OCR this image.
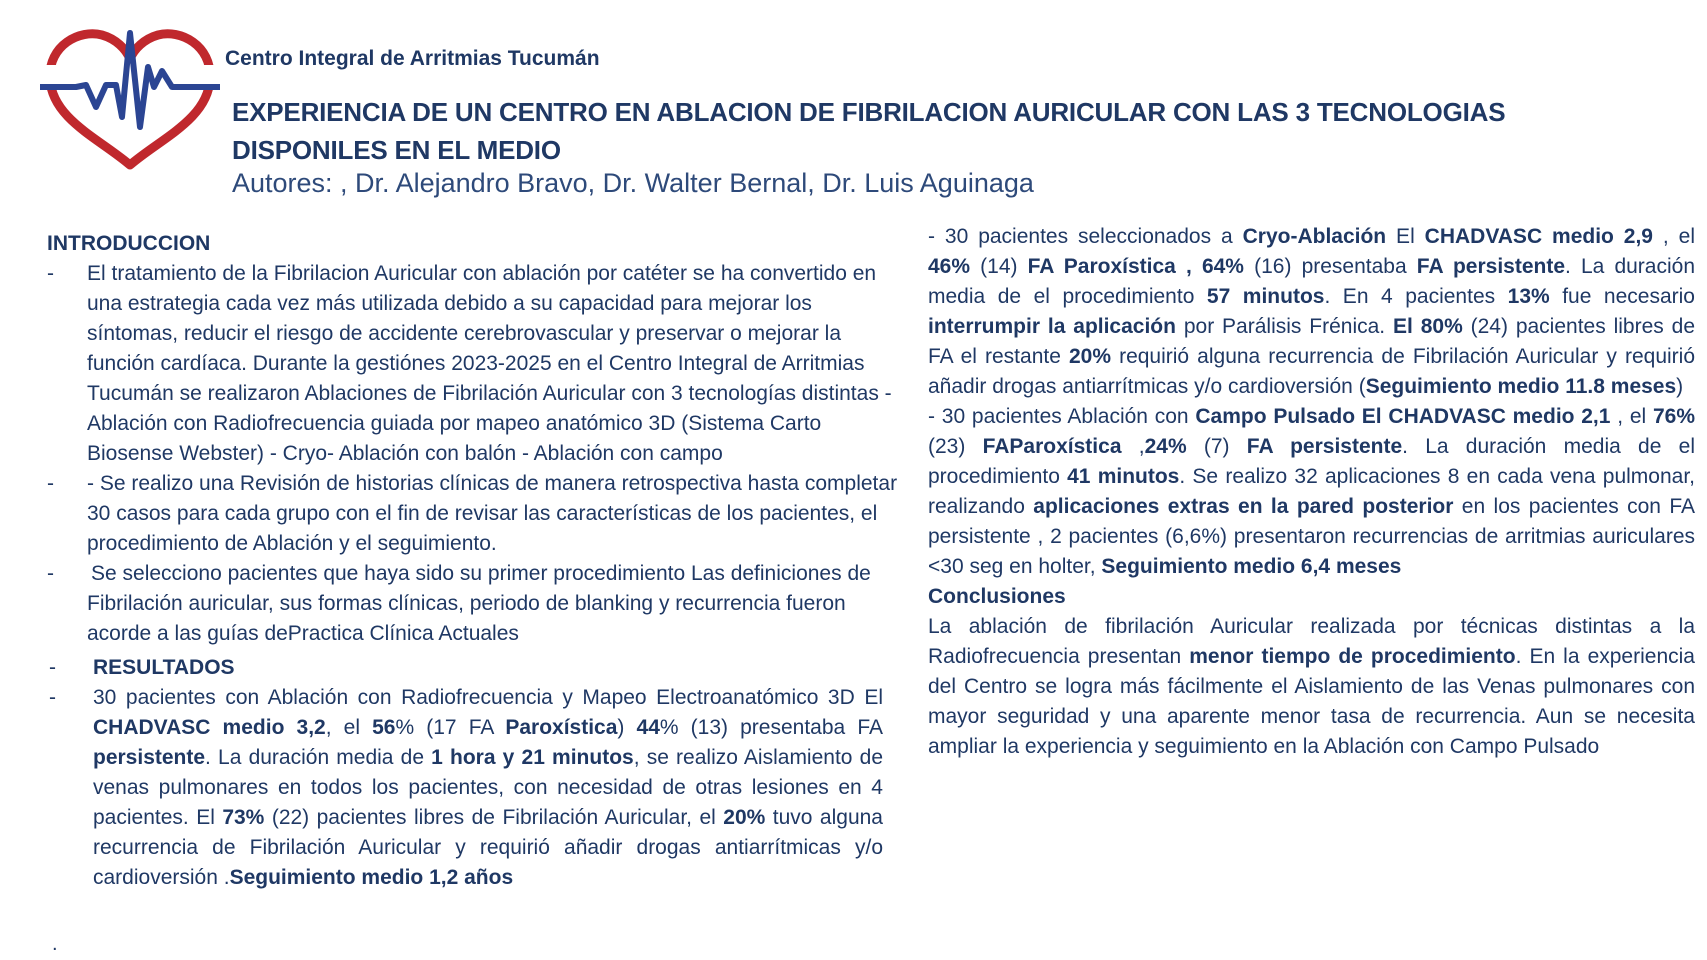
Centro Integral de Arritmias Tucumán
EXPERIENCIA DE UN CENTRO EN ABLACION DE FIBRILACION AURICULAR CON LAS 3 TECNOLOGIAS DISPONILES EN EL MEDIO
Autores: , Dr. Alejandro Bravo, Dr. Walter Bernal, Dr. Luis Aguinaga
INTRODUCCION
- El tratamiento de la Fibrilacion Auricular con ablación por catéter se ha convertido en una estrategia cada vez más utilizada debido a su capacidad para mejorar los síntomas, reducir el riesgo de accidente cerebrovascular y preservar o mejorar la función cardíaca. Durante la gestiónes 2023-2025 en el Centro Integral de Arritmias Tucumán se realizaron Ablaciones de Fibrilación Auricular con 3 tecnologías distintas - Ablación con Radiofrecuencia guiada por mapeo anatómico 3D (Sistema Carto Biosense Webster) - Cryo- Ablación con balón - Ablación con campo
- - Se realizo una Revisión de historias clínicas de manera retrospectiva hasta completar 30 casos para cada grupo con el fin de revisar las características de los pacientes, el procedimiento de Ablación y el seguimiento.
- Se selecciono pacientes que haya sido su primer procedimiento Las definiciones de Fibrilación auricular, sus formas clínicas, periodo de blanking y recurrencia fueron acorde a las guías dePractica Clínica Actuales
- RESULTADOS
- 30 pacientes con Ablación con Radiofrecuencia y Mapeo Electroanatómico 3D El CHADVASC medio 3,2, el 56% (17 FA Paroxística) 44% (13) presentaba FA persistente. La duración media de 1 hora y 21 minutos, se realizo Aislamiento de venas pulmonares en todos los pacientes, con necesidad de otras lesiones en 4 pacientes. El 73% (22) pacientes libres de Fibrilación Auricular, el 20% tuvo alguna recurrencia de Fibrilación Auricular y requirió añadir drogas antiarrítmicas y/o cardioversión .Seguimiento medio 1,2 años
.

- 30 pacientes seleccionados a Cryo-Ablación El CHADVASC medio 2,9 , el 46% (14) FA Paroxística , 64% (16) presentaba FA persistente. La duración media de el procedimiento 57 minutos. En 4 pacientes 13% fue necesario interrumpir la aplicación por Parálisis Frénica. El 80% (24) pacientes libres de FA el restante 20% requirió alguna recurrencia de Fibrilación Auricular y requirió añadir drogas antiarrítmicas y/o cardioversión (Seguimiento medio 11.8 meses)

- 30 pacientes Ablación con Campo Pulsado El CHADVASC medio 2,1 , el 76% (23) FAParoxística ,24% (7) FA persistente. La duración media de el procedimiento 41 minutos. Se realizo 32 aplicaciones 8 en cada vena pulmonar, realizando aplicaciones extras en la pared posterior en los pacientes con FA persistente , 2 pacientes (6,6%) presentaron recurrencias de arritmias auriculares <30 seg en holter, Seguimiento medio 6,4 meses

Conclusiones

La ablación de fibrilación Auricular realizada por técnicas distintas a la Radiofrecuencia presentan menor tiempo de procedimiento. En la experiencia del Centro se logra más fácilmente el Aislamiento de las Venas pulmonares con mayor seguridad y una aparente menor tasa de recurrencia. Aun se necesita ampliar la experiencia y seguimiento en la Ablación con Campo Pulsado
